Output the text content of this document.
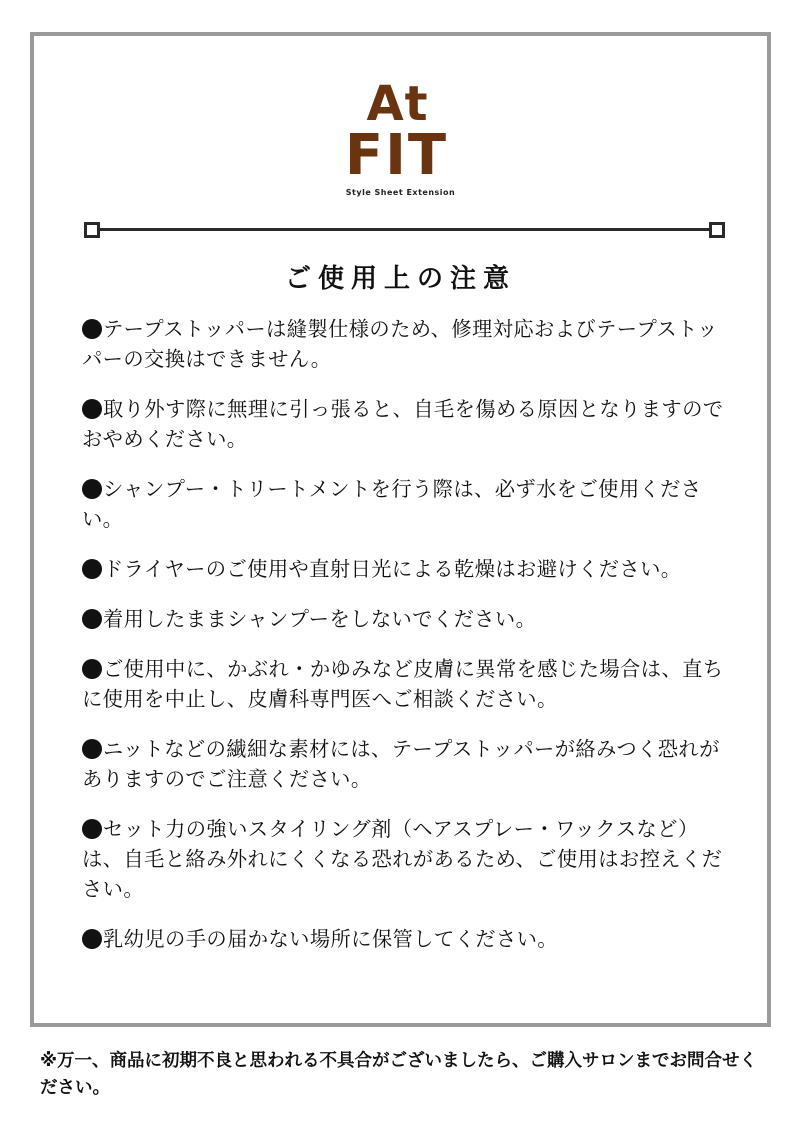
At
FIT
Style Sheet Extension
ご使用上の注意
テープストッパーは縫製仕様のため、修理対応およびテープストッパーの交換はできません。
取り外す際に無理に引っ張ると、自毛を傷める原因となりますのでおやめください。
シャンプー・トリートメントを行う際は、必ず水をご使用ください。
ドライヤーのご使用や直射日光による乾燥はお避けください。
着用したままシャンプーをしないでください。
ご使用中に、かぶれ・かゆみなど皮膚に異常を感じた場合は、直ちに使用を中止し、皮膚科専門医へご相談ください。
ニットなどの繊細な素材には、テープストッパーが絡みつく恐れがありますのでご注意ください。
セット力の強いスタイリング剤（ヘアスプレー・ワックスなど）は、自毛と絡み外れにくくなる恐れがあるため、ご使用はお控えください。
乳幼児の手の届かない場所に保管してください。
※万一、商品に初期不良と思われる不具合がございましたら、ご購入サロンまでお問合せください。
